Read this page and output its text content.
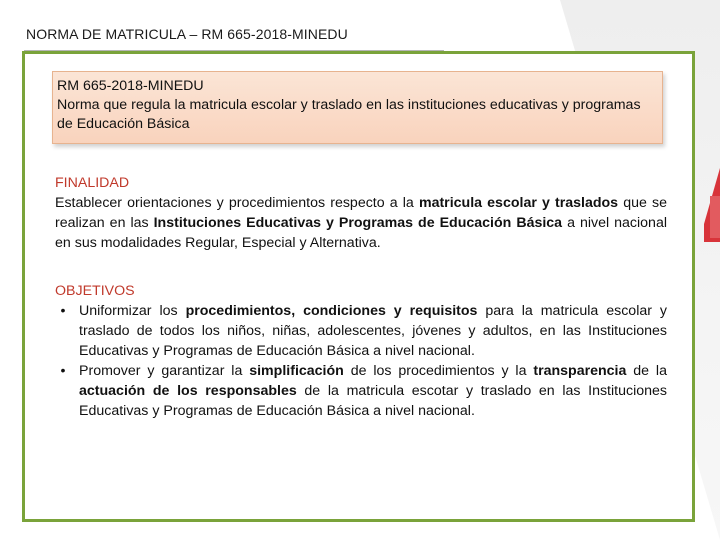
NORMA DE MATRICULA – RM 665-2018-MINEDU
RM 665-2018-MINEDU
Norma que regula la matricula escolar y traslado en las instituciones educativas y programas de Educación Básica
FINALIDAD
Establecer orientaciones y procedimientos respecto a la matricula escolar y traslados que se realizan en las Instituciones Educativas y Programas de Educación Básica a nivel nacional en sus modalidades Regular, Especial y Alternativa.
OBJETIVOS
• Uniformizar los procedimientos, condiciones y requisitos para la matricula escolar y traslado de todos los niños, niñas, adolescentes, jóvenes y adultos, en las Instituciones Educativas y Programas de Educación Básica a nivel nacional.
• Promover y garantizar la simplificación de los procedimientos y la transparencia de la actuación de los responsables de la matricula escotar y traslado en las Instituciones Educativas y Programas de Educación Básica a nivel nacional.
